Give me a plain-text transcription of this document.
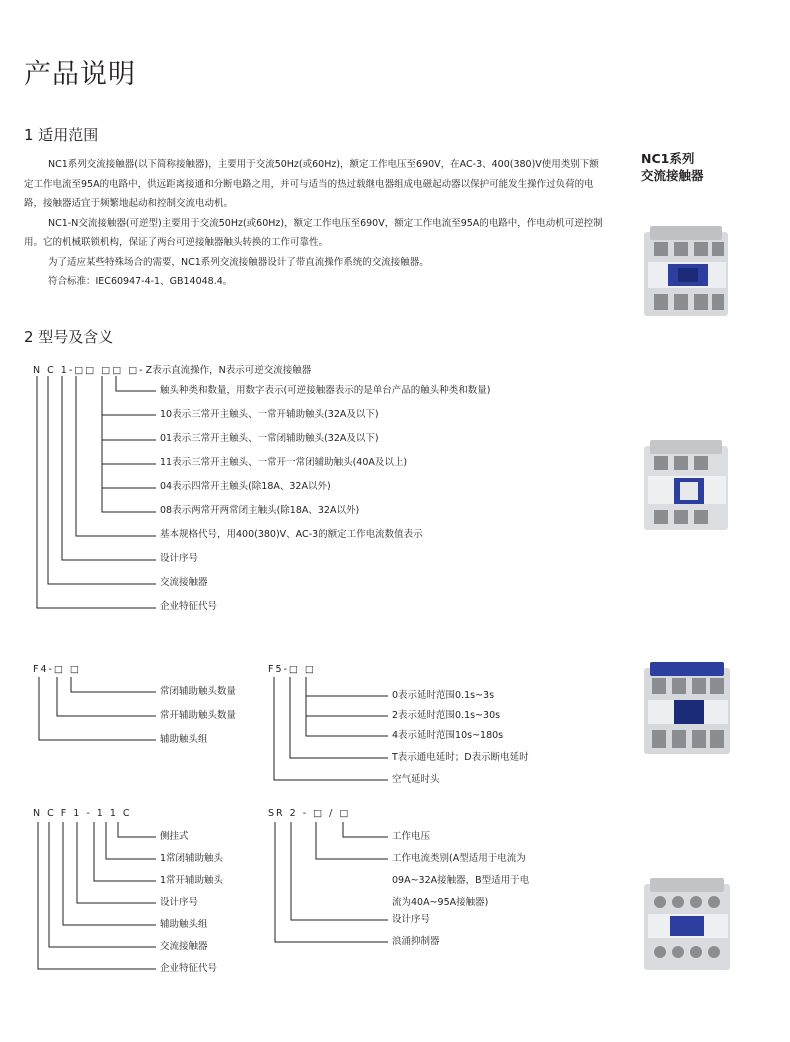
产品说明
1 适用范围
2 型号及含义

NC1系列交流接触器(以下简称接触器)，主要用于交流50Hz(或60Hz)，额定工作电压至690V，在AC-3、400(380)V使用类别下额定工作电流至95A的电路中，供远距离接通和分断电路之用，并可与适当的热过载继电器组成电磁起动器以保护可能发生操作过负荷的电路，接触器适宜于频繁地起动和控制交流电动机。

NC1-N交流接触器(可逆型)主要用于交流50Hz(或60Hz)，额定工作电压至690V，额定工作电流至95A的电路中，作电动机可逆控制用。它的机械联锁机构，保证了两台可逆接触器触头转换的工作可靠性。

为了适应某些特殊场合的需要，NC1系列交流接触器设计了带直流操作系统的交流接触器。

符合标准：IEC60947-4-1、GB14048.4。

NC1系列
交流接触器
N C 1-□□ □□ □- Z表示直流操作，N表示可逆交流接触器
触头种类和数量，用数字表示(可逆接触器表示的是单台产品的触头种类和数量)
10表示三常开主触头、一常开辅助触头(32A及以下)
01表示三常开主触头、一常闭辅助触头(32A及以下)
11表示三常开主触头、一常开一常闭辅助触头(40A及以上)
04表示四常开主触头(除18A、32A以外)
08表示两常开两常闭主触头(除18A、32A以外)
基本规格代号，用400(380)V、AC-3的额定工作电流数值表示
设计序号
交流接触器
企业特征代号
F4-□ □
常闭辅助触头数量
常开辅助触头数量
辅助触头组
F5-□ □
0表示延时范围0.1s~3s
2表示延时范围0.1s~30s
4表示延时范围10s~180s
T表示通电延时；D表示断电延时
空气延时头
N C F 1 - 1 1 C
侧挂式
1常闭辅助触头
1常开辅助触头
设计序号
辅助触头组
交流接触器
企业特征代号
SR 2 - □ / □
工作电压
工作电流类别(A型适用于电流为
09A~32A接触器，B型适用于电
流为40A~95A接触器)
设计序号
浪涌抑制器
